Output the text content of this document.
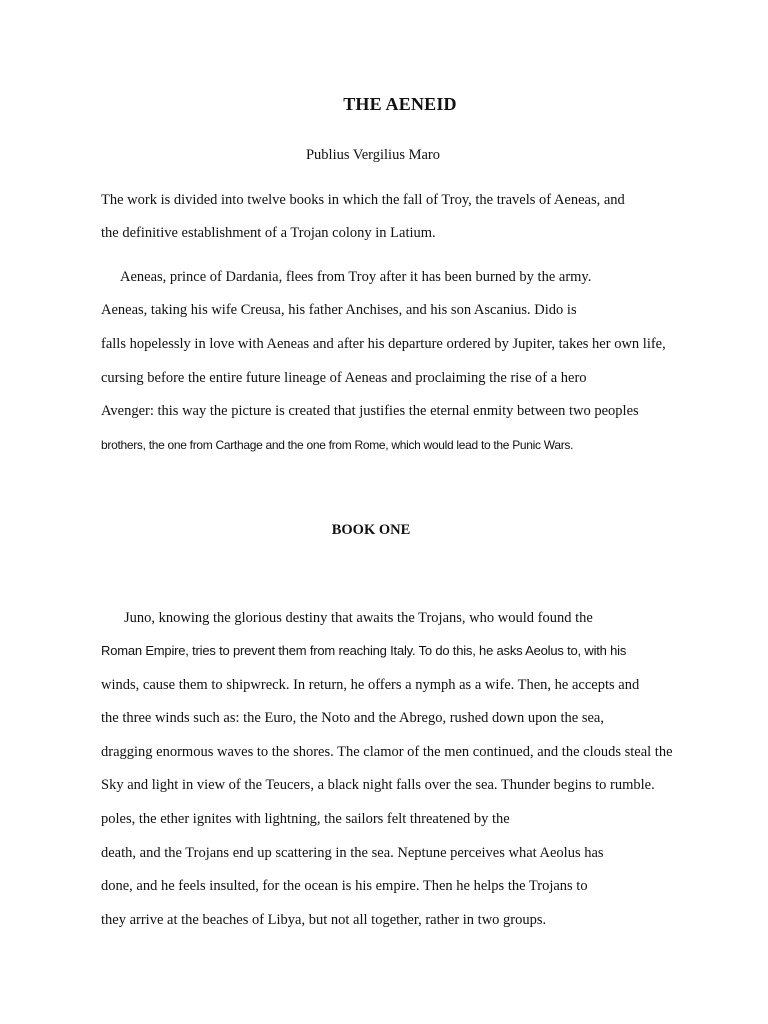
THE AENEID
Publius Vergilius Maro
The work is divided into twelve books in which the fall of Troy, the travels of Aeneas, and
the definitive establishment of a Trojan colony in Latium.
Aeneas, prince of Dardania, flees from Troy after it has been burned by the army.
Aeneas, taking his wife Creusa, his father Anchises, and his son Ascanius. Dido is
falls hopelessly in love with Aeneas and after his departure ordered by Jupiter, takes her own life,
cursing before the entire future lineage of Aeneas and proclaiming the rise of a hero
Avenger: this way the picture is created that justifies the eternal enmity between two peoples
brothers, the one from Carthage and the one from Rome, which would lead to the Punic Wars.
BOOK ONE
Juno, knowing the glorious destiny that awaits the Trojans, who would found the
Roman Empire, tries to prevent them from reaching Italy. To do this, he asks Aeolus to, with his
winds, cause them to shipwreck. In return, he offers a nymph as a wife. Then, he accepts and
the three winds such as: the Euro, the Noto and the Abrego, rushed down upon the sea,
dragging enormous waves to the shores. The clamor of the men continued, and the clouds steal the
Sky and light in view of the Teucers, a black night falls over the sea. Thunder begins to rumble.
poles, the ether ignites with lightning, the sailors felt threatened by the
death, and the Trojans end up scattering in the sea. Neptune perceives what Aeolus has
done, and he feels insulted, for the ocean is his empire. Then he helps the Trojans to
they arrive at the beaches of Libya, but not all together, rather in two groups.
